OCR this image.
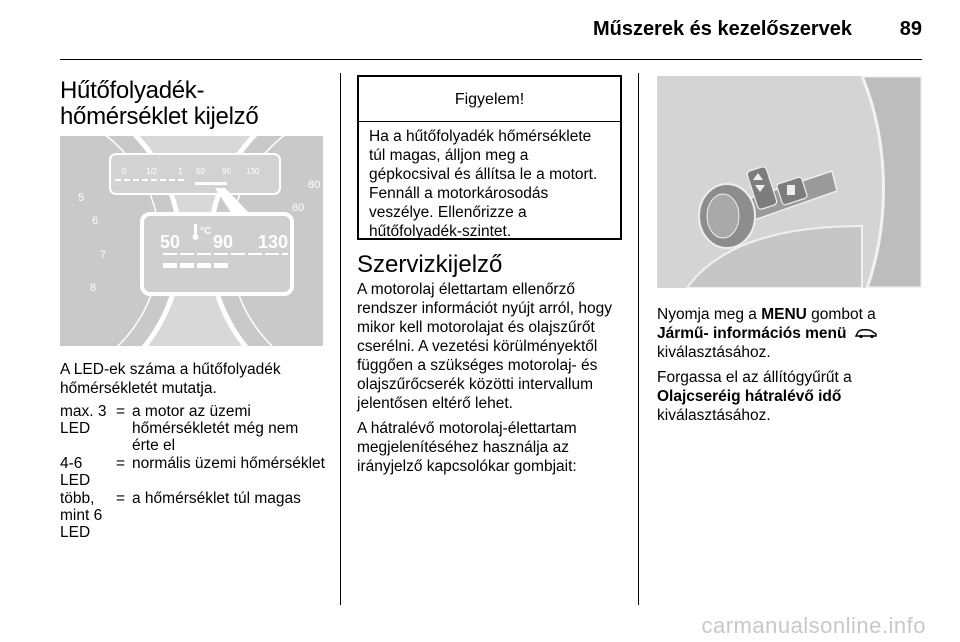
Műszerek és kezelőszervek 89
Hűtőfolyadék-hőmérséklet kijelző
°C
0 1/2	1 50 90 130
50 90 130
5
6
7
8
60
80
A LED-ek száma a hűtőfolyadék hőmérsékletét mutatja.
max. 3 LED
= a motor az üzemi hőmérsékletét még nem érte el
4-6 LED
= normális üzemi hőmérséklet
több, mint 6 LED
= a hőmérséklet túl magas
Figyelem!
Ha a hűtőfolyadék hőmérséklete túl magas, álljon meg a gépkocsival és állítsa le a motort. Fennáll a motorkárosodás veszélye. Ellenőrizze a hűtőfolyadék-szintet.
Szervizkijelző

A motorolaj élettartam ellenőrző rendszer információt nyújt arról, hogy mikor kell motorolajat és olajszűrőt cserélni. A vezetési körülményektől függően a szükséges motorolaj- és olajszűrőcserék közötti intervallum jelentősen eltérő lehet.

A hátralévő motorolaj-élettartam megjelenítéséhez használja az irányjelző kapcsolókar gombjait:

Nyomja meg a MENU gombot a
Jármű- információs menü
kiválasztásához.

Forgassa el az állítógyűrűt a
Olajcseréig hátralévő idő
kiválasztásához.

carmanualsonline.info
